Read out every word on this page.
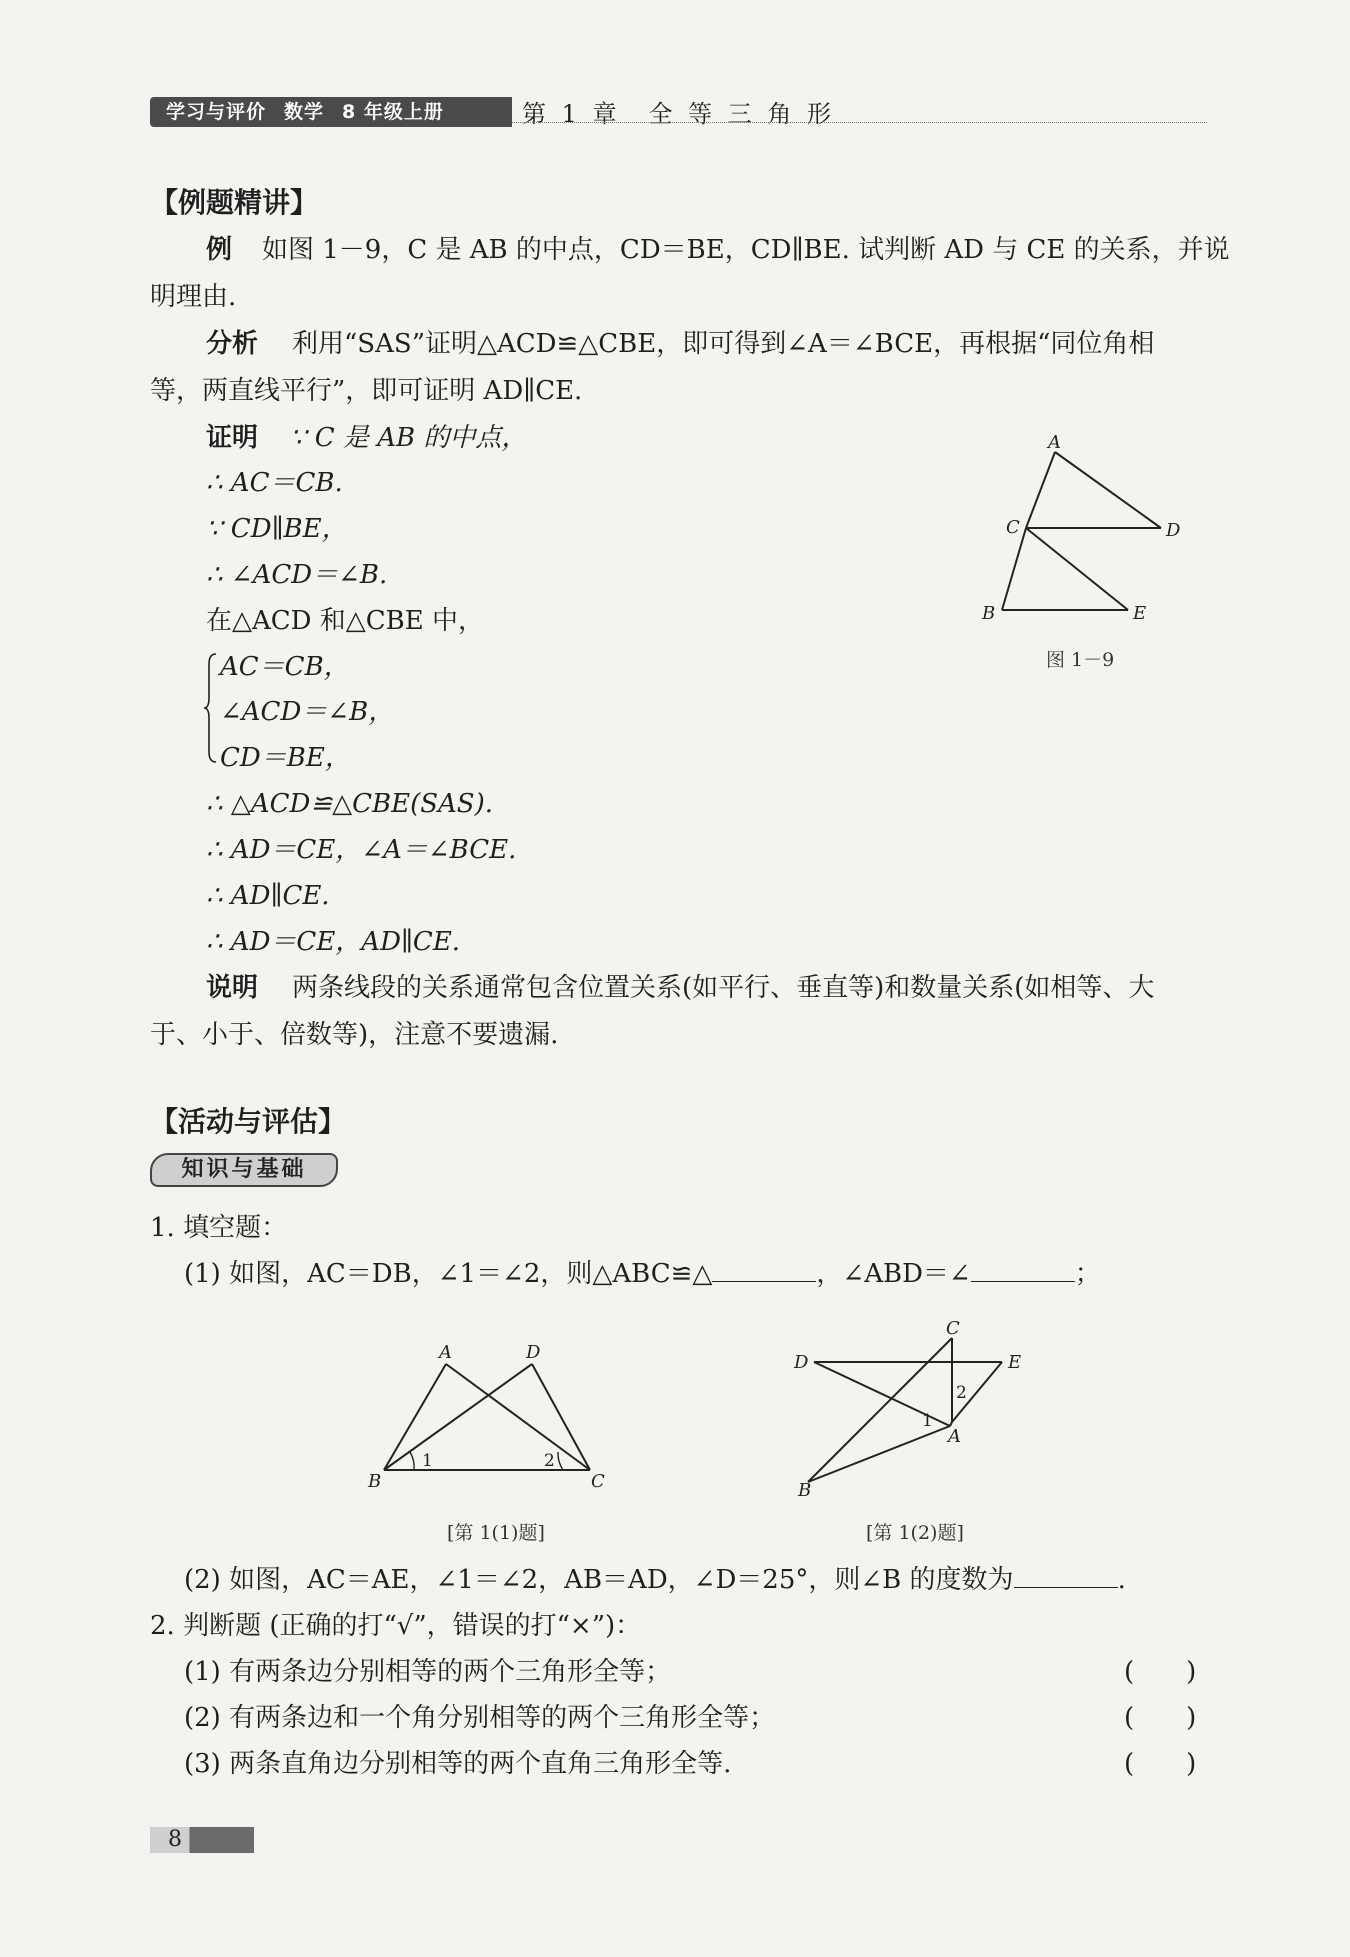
学习与评价 数学 8 年级上册	第 1 章　全 等 三 角 形
【例题精讲】
例 如图 1－9，C 是 AB 的中点，CD＝BE，CD∥BE. 试判断 AD 与 CE 的关系，并说
明理由.
分析 利用“SAS”证明△ACD≌△CBE，即可得到∠A＝∠BCE，再根据“同位角相
等，两直线平行”，即可证明 AD∥CE.
证明 ∵ C 是 AB 的中点，
∴ AC＝CB.
∵ CD∥BE，
∴ ∠ACD＝∠B.
在△ACD 和△CBE 中，
AC＝CB，
∠ACD＝∠B，
CD＝BE，
∴ △ACD≌△CBE(SAS).
∴ AD＝CE，∠A＝∠BCE.
∴ AD∥CE.
∴ AD＝CE，AD∥CE.
说明 两条线段的关系通常包含位置关系(如平行、垂直等)和数量关系(如相等、大
于、小于、倍数等)，注意不要遗漏.
A
C	D
B	E
图 1－9
【活动与评估】
知识与基础
1. 填空题：
(1) 如图，AC＝DB，∠1＝∠2，则△ABC≌△	，∠ABD＝∠	；
A	D
B	C
1	2
[第 1(1)题]
C
D	E
2
1
A
B
[第 1(2)题]
(2) 如图，AC＝AE，∠1＝∠2，AB＝AD，∠D＝25°，则∠B 的度数为	.
2. 判断题 (正确的打“√”，错误的打“×”)：
(1) 有两条边分别相等的两个三角形全等；	(　　)
(2) 有两条边和一个角分别相等的两个三角形全等；	(　　)
(3) 两条直角边分别相等的两个直角三角形全等.	(　　)
8
